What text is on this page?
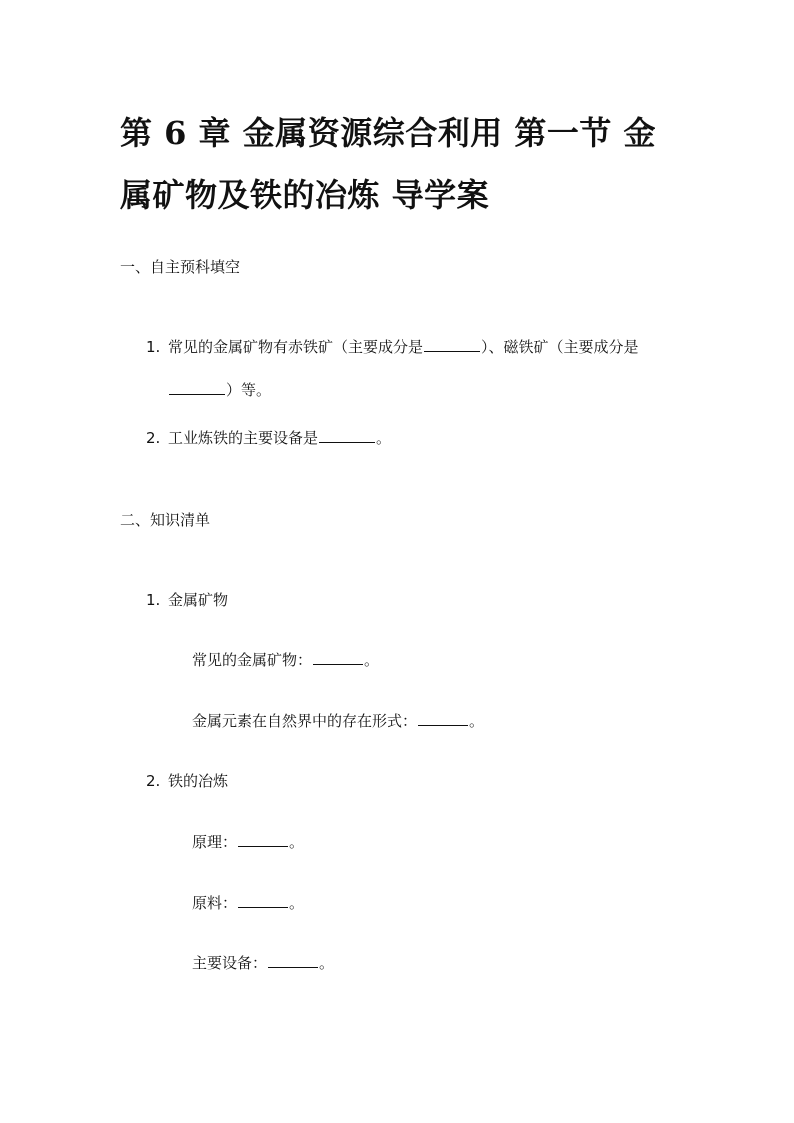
第 6 章 金属资源综合利用 第一节 金属矿物及铁的冶炼 导学案
一、自主预科填空
1. 常见的金属矿物有赤铁矿（主要成分是	）、磁铁矿（主要成分是
）等。
2. 工业炼铁的主要设备是	。
二、知识清单
1. 金属矿物
常见的金属矿物：	。
金属元素在自然界中的存在形式：	。
2. 铁的冶炼
原理：	。
原料：	。
主要设备：	。
